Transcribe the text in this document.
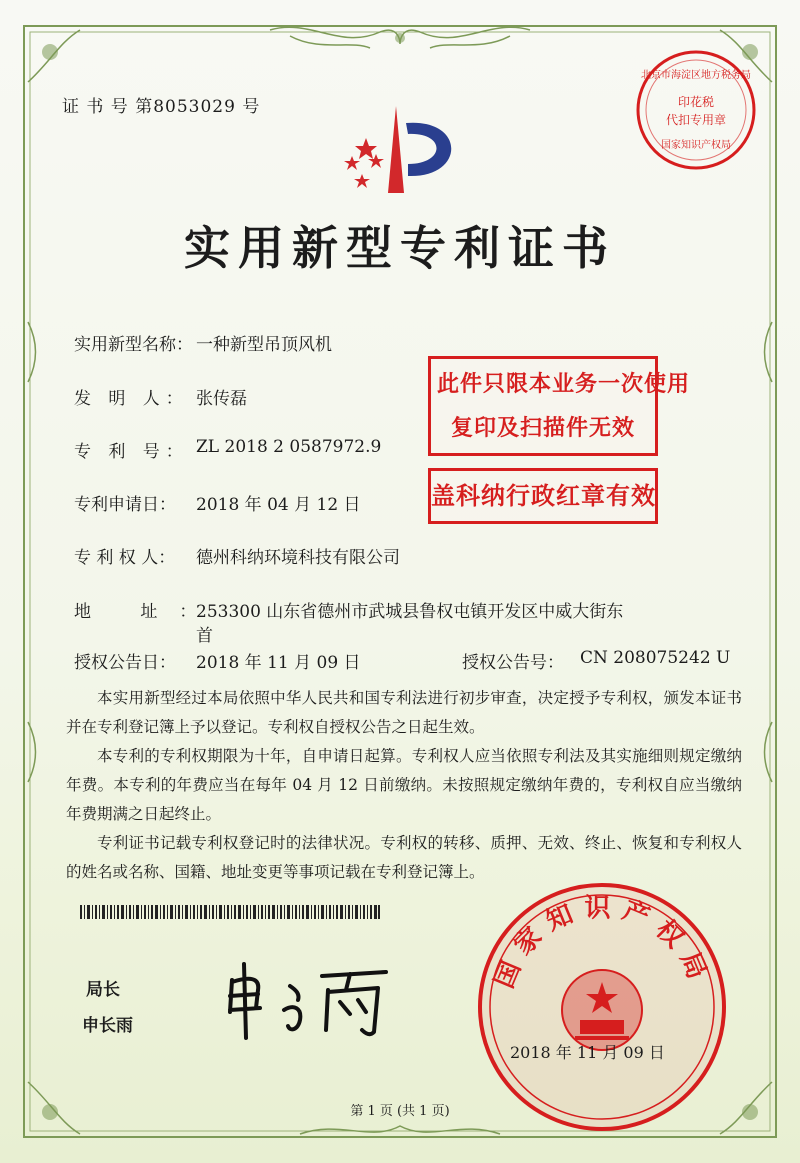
证 书 号 第8053029 号
北京市海淀区地方税务局
印花税
代扣专用章
国家知识产权局
实用新型专利证书
实用新型名称： 一种新型吊顶风机
发 明 人： 张传磊
专 利 号： ZL 2018 2 0587972.9
专利申请日： 2018 年 04 月 12 日
专 利 权 人： 德州科纳环境科技有限公司
地 址：
253300 山东省德州市武城县鲁权屯镇开发区中威大街东
首
授权公告日： 2018 年 11 月 09 日	授权公告号： CN 208075242 U
此件只限本业务一次使用
复印及扫描件无效
盖科纳行政红章有效

本实用新型经过本局依照中华人民共和国专利法进行初步审查，决定授予专利权，颁发本证书并在专利登记簿上予以登记。专利权自授权公告之日起生效。

本专利的专利权期限为十年，自申请日起算。专利权人应当依照专利法及其实施细则规定缴纳年费。本专利的年费应当在每年 04 月 12 日前缴纳。未按照规定缴纳年费的，专利权自应当缴纳年费期满之日起终止。

专利证书记载专利权登记时的法律状况。专利权的转移、质押、无效、终止、恢复和专利权人的姓名或名称、国籍、地址变更等事项记载在专利登记簿上。

国家知识产权局
局长
申长雨
2018 年 11 月 09 日
第 1 页 (共 1 页)
